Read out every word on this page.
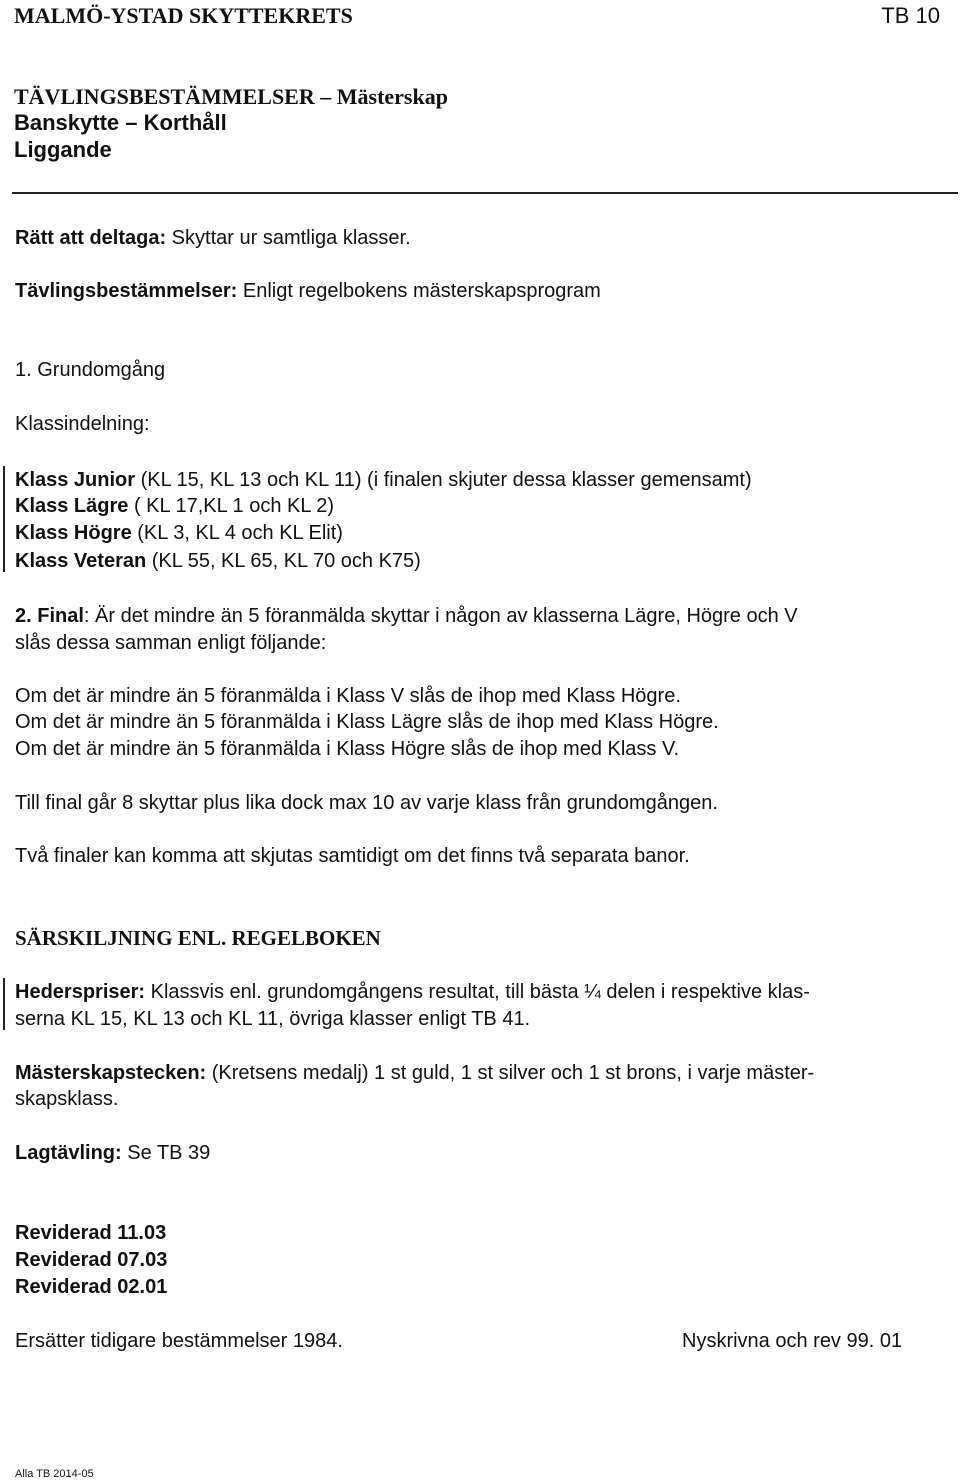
MALMÖ-YSTAD SKYTTEKRETS	TB 10
TÄVLINGSBESTÄMMELSER – Mästerskap
Banskytte – Korthåll
Liggande
Rätt att deltaga: Skyttar ur samtliga klasser.
Tävlingsbestämmelser: Enligt regelbokens mästerskapsprogram
1. Grundomgång
Klassindelning:
Klass Junior (KL 15, KL 13 och KL 11) (i finalen skjuter dessa klasser gemensamt)
Klass Lägre ( KL 17,KL 1 och KL 2)
Klass Högre (KL 3, KL 4 och KL Elit)
Klass Veteran (KL 55, KL 65, KL 70 och K75)
2. Final: Är det mindre än 5 föranmälda skyttar i någon av klasserna Lägre, Högre och V
slås dessa samman enligt följande:
Om det är mindre än 5 föranmälda i Klass V slås de ihop med Klass Högre.
Om det är mindre än 5 föranmälda i Klass Lägre slås de ihop med Klass Högre.
Om det är mindre än 5 föranmälda i Klass Högre slås de ihop med Klass V.
Till final går 8 skyttar plus lika dock max 10 av varje klass från grundomgången.
Två finaler kan komma att skjutas samtidigt om det finns två separata banor.
SÄRSKILJNING ENL. REGELBOKEN
Hederspriser: Klassvis enl. grundomgångens resultat, till bästa ¼ delen i respektive klas-
serna KL 15, KL 13 och KL 11, övriga klasser enligt TB 41.
Mästerskapstecken: (Kretsens medalj) 1 st guld, 1 st silver och 1 st brons, i varje mäster-
skapsklass.
Lagtävling: Se TB 39
Reviderad 11.03
Reviderad 07.03
Reviderad 02.01
Ersätter tidigare bestämmelser 1984.	Nyskrivna och rev 99. 01
Alla TB 2014-05
